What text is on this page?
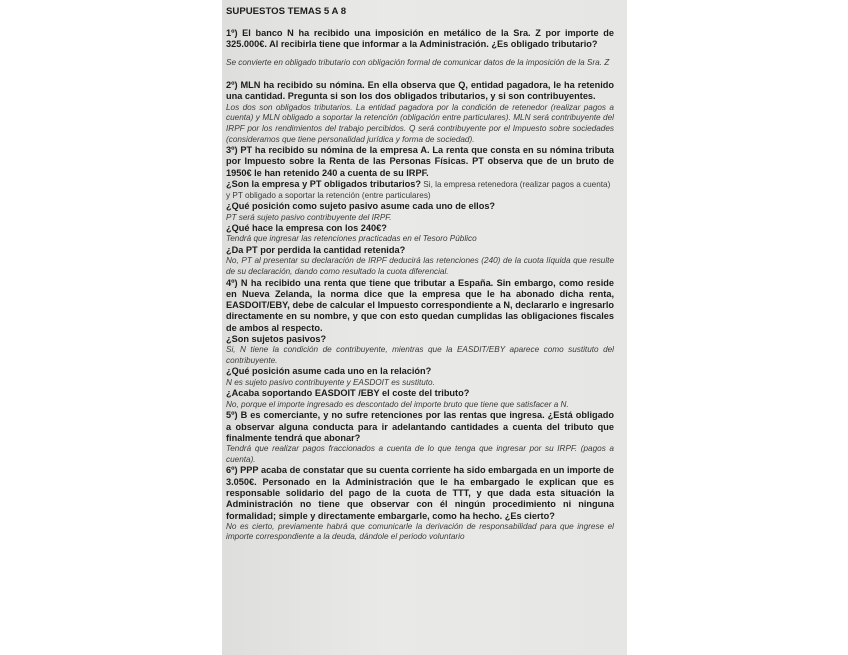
SUPUESTOS TEMAS 5 A 8
1º) El banco N ha recibido una imposición en metálico de la Sra. Z por importe de 325.000€. Al recibirla tiene que informar a la Administración. ¿Es obligado tributario?
Se convierte en obligado tributario con obligación formal de comunicar datos de la imposición de la Sra. Z
2º) MLN ha recibido su nómina. En ella observa que Q, entidad pagadora, le ha retenido una cantidad. Pregunta si son los dos obligados tributarios, y si son contribuyentes.
Los dos son obligados tributarios. La entidad pagadora por la condición de retenedor (realizar pagos a cuenta) y MLN obligado a soportar la retención (obligación entre particulares). MLN será contribuyente del IRPF por los rendimientos del trabajo percibidos. Q será contribuyente por el Impuesto sobre sociedades (consideramos que tiene personalidad jurídica y forma de sociedad).
3º) PT ha recibido su nómina de la empresa A. La renta que consta en su nómina tributa por Impuesto sobre la Renta de las Personas Físicas. PT observa que de un bruto de 1950€ le han retenido 240 a cuenta de su IRPF.
¿Son la empresa y PT obligados tributarios? Si, la empresa retenedora (realizar pagos a cuenta) y PT obligado a soportar la retención (entre particulares)
¿Qué posición como sujeto pasivo asume cada uno de ellos?
PT será sujeto pasivo contribuyente del IRPF.
¿Qué hace la empresa con los 240€?
Tendrá que ingresar las retenciones practicadas en el Tesoro Público
¿Da PT por perdida la cantidad retenida?
No, PT al presentar su declaración de IRPF deducirá las retenciones (240) de la cuota líquida que resulte de su declaración, dando como resultado la cuota diferencial.
4º) N ha recibido una renta que tiene que tributar a España. Sin embargo, como reside en Nueva Zelanda, la norma dice que la empresa que le ha abonado dicha renta, EASDOIT/EBY, debe de calcular el Impuesto correspondiente a N, declararlo e ingresarlo directamente en su nombre, y que con esto quedan cumplidas las obligaciones fiscales de ambos al respecto.
¿Son sujetos pasivos?
Si, N tiene la condición de contribuyente, mientras que la EASDIT/EBY aparece como sustituto del contribuyente.
¿Qué posición asume cada uno en la relación?
N es sujeto pasivo contribuyente y EASDOIT es sustituto.
¿Acaba soportando EASDOIT /EBY el coste del tributo?
No, porque el importe ingresado es descontado del importe bruto que tiene que satisfacer a N.
5º) B es comerciante, y no sufre retenciones por las rentas que ingresa. ¿Está obligado a observar alguna conducta para ir adelantando cantidades a cuenta del tributo que finalmente tendrá que abonar?
Tendrá que realizar pagos fraccionados a cuenta de lo que tenga que ingresar por su IRPF. (pagos a cuenta).
6º) PPP acaba de constatar que su cuenta corriente ha sido embargada en un importe de 3.050€. Personado en la Administración que le ha embargado le explican que es responsable solidario del pago de la cuota de TTT, y que dada esta situación la Administración no tiene que observar con él ningún procedimiento ni ninguna formalidad; simple y directamente embargarle, como ha hecho. ¿Es cierto?
No es cierto, previamente habrá que comunicarle la derivación de responsabilidad para que ingrese el importe correspondiente a la deuda, dándole el periodo voluntario
